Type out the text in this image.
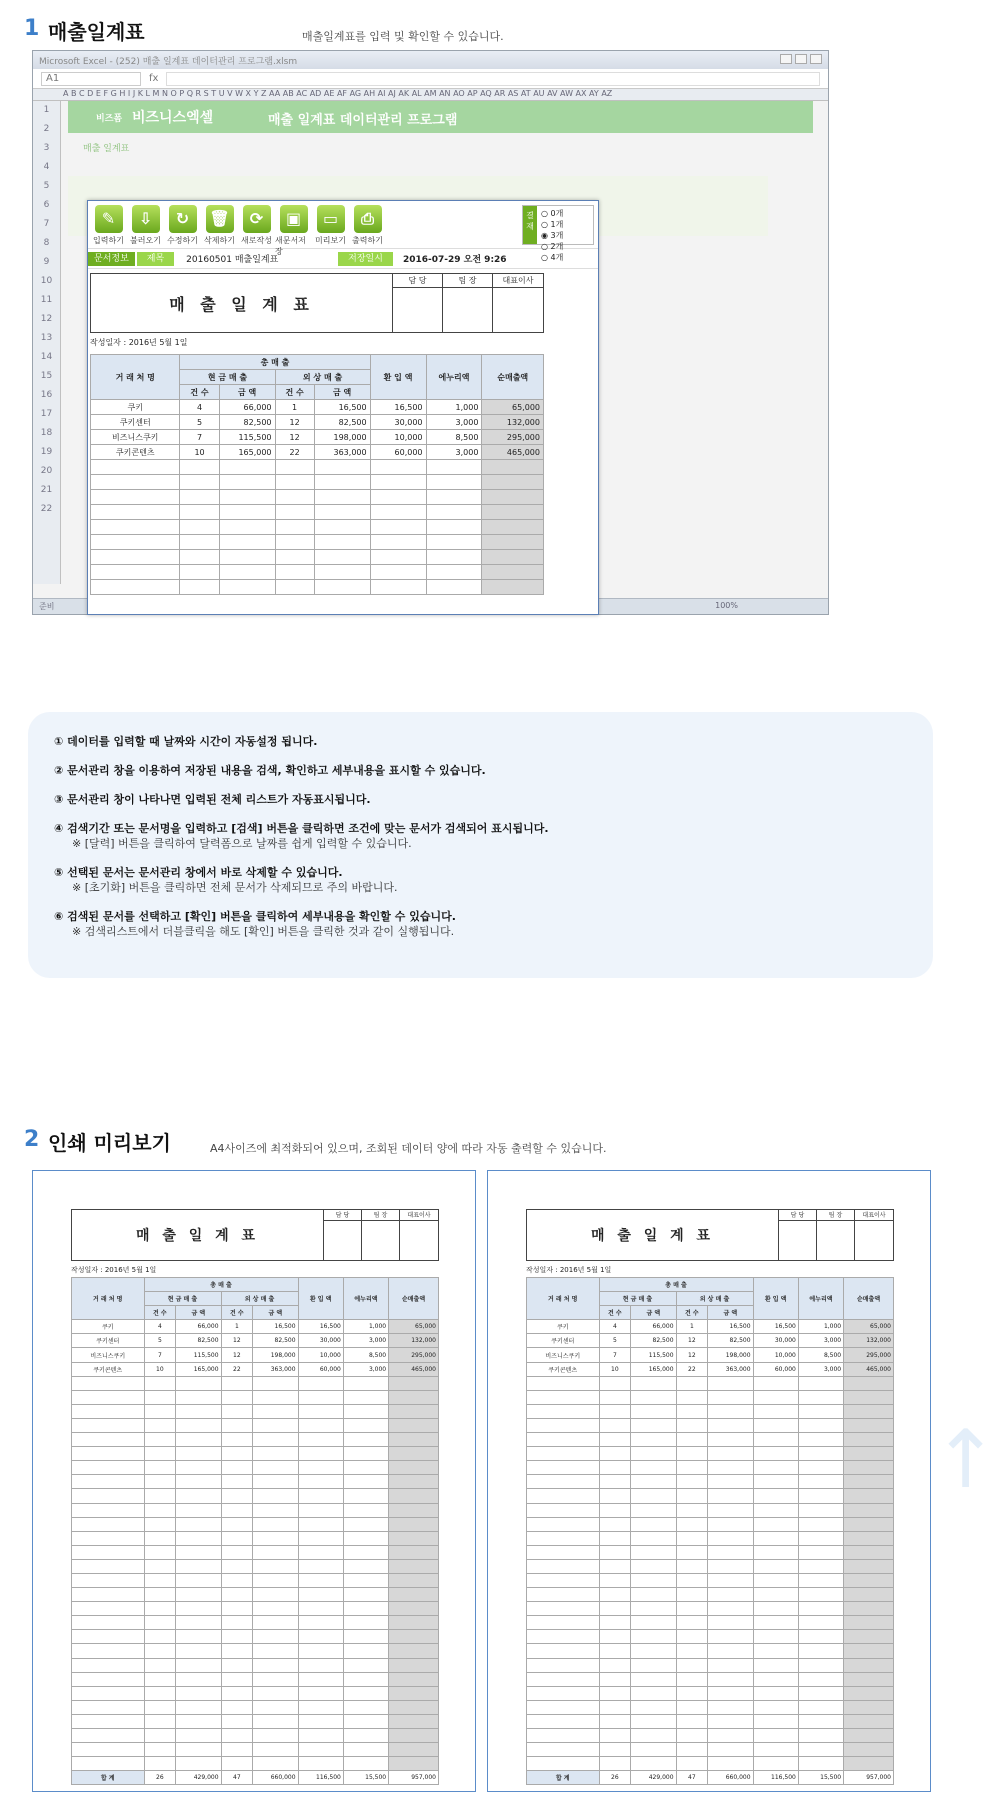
1 매출일계표	매출일계표를 입력 및 확인할 수 있습니다.
Microsoft Excel - (252) 매출 일계표 데이터관리 프로그램.xlsm
A1	fx
A B C D E F G H I J K L M N O P Q R S T U V W X Y Z AA AB AC AD AE AF AG AH AI AJ AK AL AM AN AO AP AQ AR AS AT AU AV AW AX AY AZ
1
2
3
4
5
6
7
8
9
10
11
12
13
14
15
16
17
18
19
20
21
22
비즈폼 비즈니스엑셀	매출 일계표 데이터관리 프로그램
매출 일계표
준비	100%
✎
입력하기
⇩
불러오기
↻
수정하기
🗑
삭제하기
⟳
새로작성
▣
새문서저장
▭
미리보기
⎙
출력하기
결재
○ 0개
○ 1개
◉ 3개
○ 2개
○ 4개
문서정보	제목	20160501 매출일계표	저장일시	2016-07-29 오전 9:26
매 출 일 계 표
담 당	팀 장	대표이사
작성일자 : 2016년 5월 1일
거 래 처 명	총 매 출				환 입 액	에누리액	순매출액
	현 금 매 출		외 상 매 출				
	건 수	금 액	건 수	금 액			
쿠키	4	66,000	1	16,500	16,500	1,000	65,000
쿠키센터	5	82,500	12	82,500	30,000	3,000	132,000
비즈니스쿠키	7	115,500	12	198,000	10,000	8,500	295,000
쿠키콘텐츠	10	165,000	22	363,000	60,000	3,000	465,000

① 데이터를 입력할 때 날짜와 시간이 자동설정 됩니다.
② 문서관리 창을 이용하여 저장된 내용을 검색, 확인하고 세부내용을 표시할 수 있습니다.
③ 문서관리 창이 나타나면 입력된 전체 리스트가 자동표시됩니다.
④ 검색기간 또는 문서명을 입력하고 [검색] 버튼을 클릭하면 조건에 맞는 문서가 검색되어 표시됩니다.
※ [달력] 버튼을 클릭하여 달력폼으로 날짜를 쉽게 입력할 수 있습니다.
⑤ 선택된 문서는 문서관리 창에서 바로 삭제할 수 있습니다.
※ [초기화] 버튼을 클릭하면 전체 문서가 삭제되므로 주의 바랍니다.
⑥ 검색된 문서를 선택하고 [확인] 버튼을 클릭하여 세부내용을 확인할 수 있습니다.
※ 검색리스트에서 더블클릭을 해도 [확인] 버튼을 클릭한 것과 같이 실행됩니다.
2 인쇄 미리보기	A4사이즈에 최적화되어 있으며, 조회된 데이터 양에 따라 자동 출력할 수 있습니다.
매 출 일 계 표
담 당	팀 장	대표이사
작성일자 : 2016년 5월 1일
거 래 처 명	총 매 출				환 입 액	에누리액	순매출액
	현 금 매 출		외 상 매 출				
	건 수	금 액	건 수	금 액			
쿠키	4	66,000	1	16,500	16,500	1,000	65,000
쿠키센터	5	82,500	12	82,500	30,000	3,000	132,000
비즈니스쿠키	7	115,500	12	198,000	10,000	8,500	295,000
쿠키콘텐츠	10	165,000	22	363,000	60,000	3,000	465,000

합 계	26	429,000	47	660,000	116,500	15,500	957,000
매 출 일 계 표
담 당	팀 장	대표이사
작성일자 : 2016년 5월 1일
거 래 처 명	총 매 출				환 입 액	에누리액	순매출액
	현 금 매 출		외 상 매 출				
	건 수	금 액	건 수	금 액			
쿠키	4	66,000	1	16,500	16,500	1,000	65,000
쿠키센터	5	82,500	12	82,500	30,000	3,000	132,000
비즈니스쿠키	7	115,500	12	198,000	10,000	8,500	295,000
쿠키콘텐츠	10	165,000	22	363,000	60,000	3,000	465,000

합 계	26	429,000	47	660,000	116,500	15,500	957,000
↑
